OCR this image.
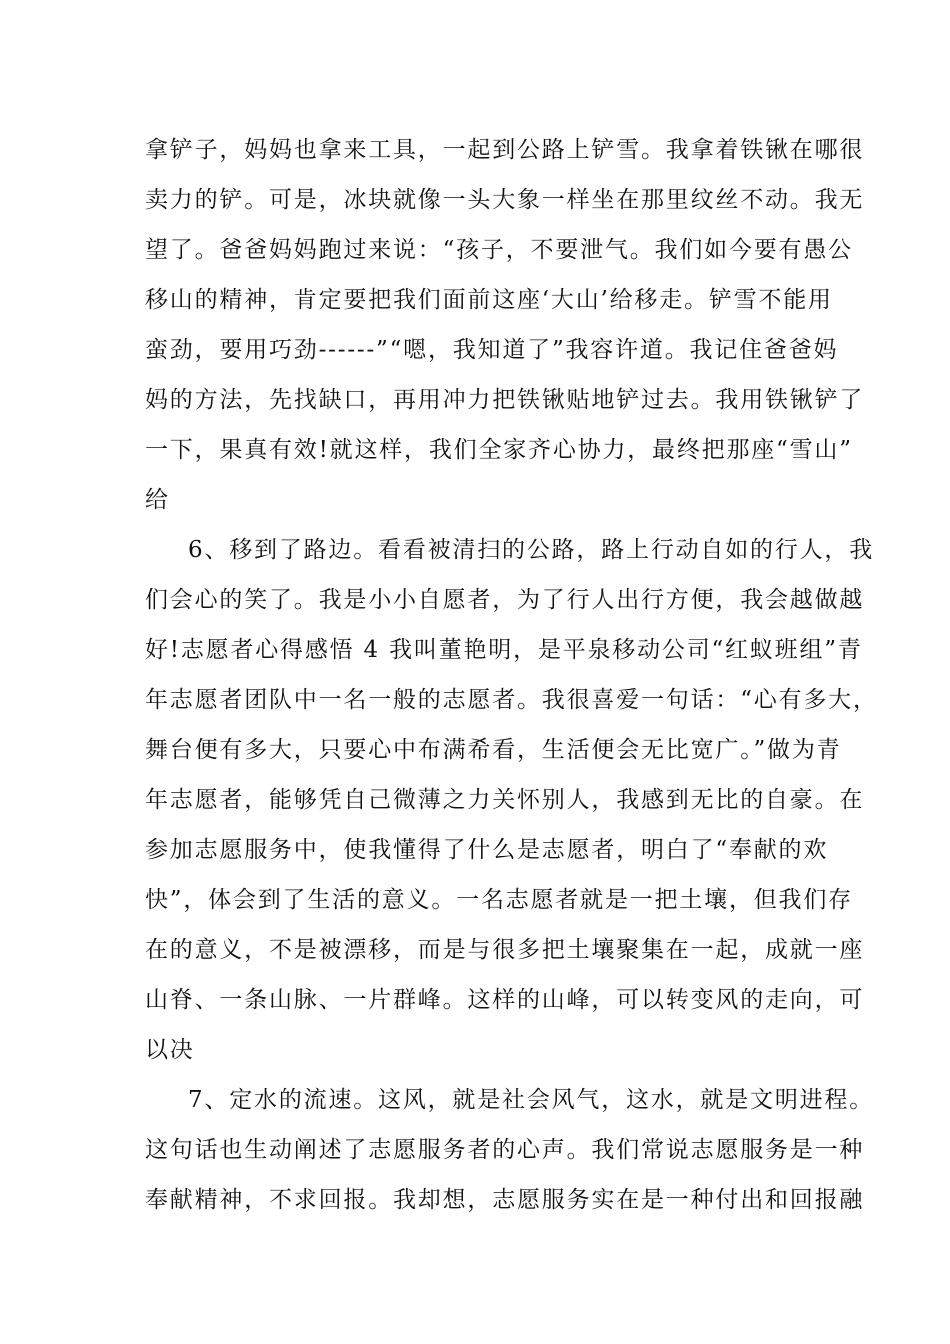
拿铲子，妈妈也拿来工具，一起到公路上铲雪。我拿着铁锹在哪很
卖力的铲。可是，冰块就像一头大象一样坐在那里纹丝不动。我无
望了。爸爸妈妈跑过来说：“孩子，不要泄气。我们如今要有愚公
移山的精神，肯定要把我们面前这座‘大山’给移走。铲雪不能用
蛮劲，要用巧劲------”“嗯，我知道了”我容许道。我记住爸爸妈
妈的方法，先找缺口，再用冲力把铁锹贴地铲过去。我用铁锹铲了
一下，果真有效!就这样，我们全家齐心协力，最终把那座“雪山”
给
6、移到了路边。看看被清扫的公路，路上行动自如的行人，我
们会心的笑了。我是小小自愿者，为了行人出行方便，我会越做越
好!志愿者心得感悟 4 我叫董艳明，是平泉移动公司“红蚁班组”青
年志愿者团队中一名一般的志愿者。我很喜爱一句话：“心有多大，
舞台便有多大，只要心中布满希看，生活便会无比宽广。”做为青
年志愿者，能够凭自己微薄之力关怀别人，我感到无比的自豪。在
参加志愿服务中，使我懂得了什么是志愿者，明白了“奉献的欢
快”，体会到了生活的意义。一名志愿者就是一把土壤，但我们存
在的意义，不是被漂移，而是与很多把土壤聚集在一起，成就一座
山脊、一条山脉、一片群峰。这样的山峰，可以转变风的走向，可
以决
7、定水的流速。这风，就是社会风气，这水，就是文明进程。
这句话也生动阐述了志愿服务者的心声。我们常说志愿服务是一种
奉献精神，不求回报。我却想，志愿服务实在是一种付出和回报融
